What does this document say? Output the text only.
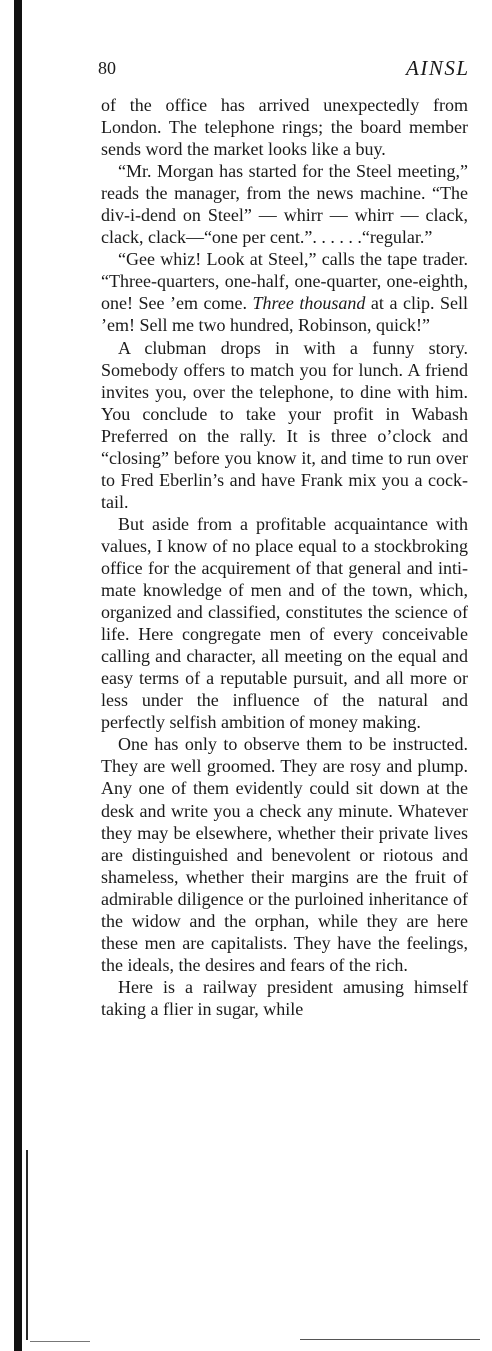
80	AINSL

of the office has arrived unexpectedly from London. The telephone rings; the board member sends word the market looks like a buy.

“Mr. Morgan has started for the Steel meeting,” reads the manager, from the news machine. “The div-i-dend on Steel” — whirr — whirr — clack, clack, clack—“one per cent.”. . . . . .“regular.”

“Gee whiz! Look at Steel,” calls the tape trader. “Three-quarters, one-half, one-quarter, one-eighth, one! See ’em come. Three thousand at a clip. Sell ’em! Sell me two hundred, Robinson, quick!”

A clubman drops in with a funny story. Somebody offers to match you for lunch. A friend invites you, over the telephone, to dine with him. You conclude to take your profit in Wabash Preferred on the rally. It is three o’clock and “closing” before you know it, and time to run over to Fred Eberlin’s and have Frank mix you a cocktail.

But aside from a profitable acquaintance with values, I know of no place equal to a stockbroking office for the acquirement of that general and intimate knowledge of men and of the town, which, organized and classified, constitutes the science of life. Here congregate men of every conceivable calling and character, all meeting on the equal and easy terms of a reputable pursuit, and all more or less under the influence of the natural and perfectly selfish ambition of money making.

One has only to observe them to be instructed. They are well groomed. They are rosy and plump. Any one of them evidently could sit down at the desk and write you a check any minute. Whatever they may be elsewhere, whether their private lives are distinguished and benevolent or riotous and shameless, whether their margins are the fruit of admirable diligence or the purloined inheritance of the widow and the orphan, while they are here these men are capitalists. They have the feelings, the ideals, the desires and fears of the rich.

Here is a railway president amusing himself taking a flier in sugar, while
